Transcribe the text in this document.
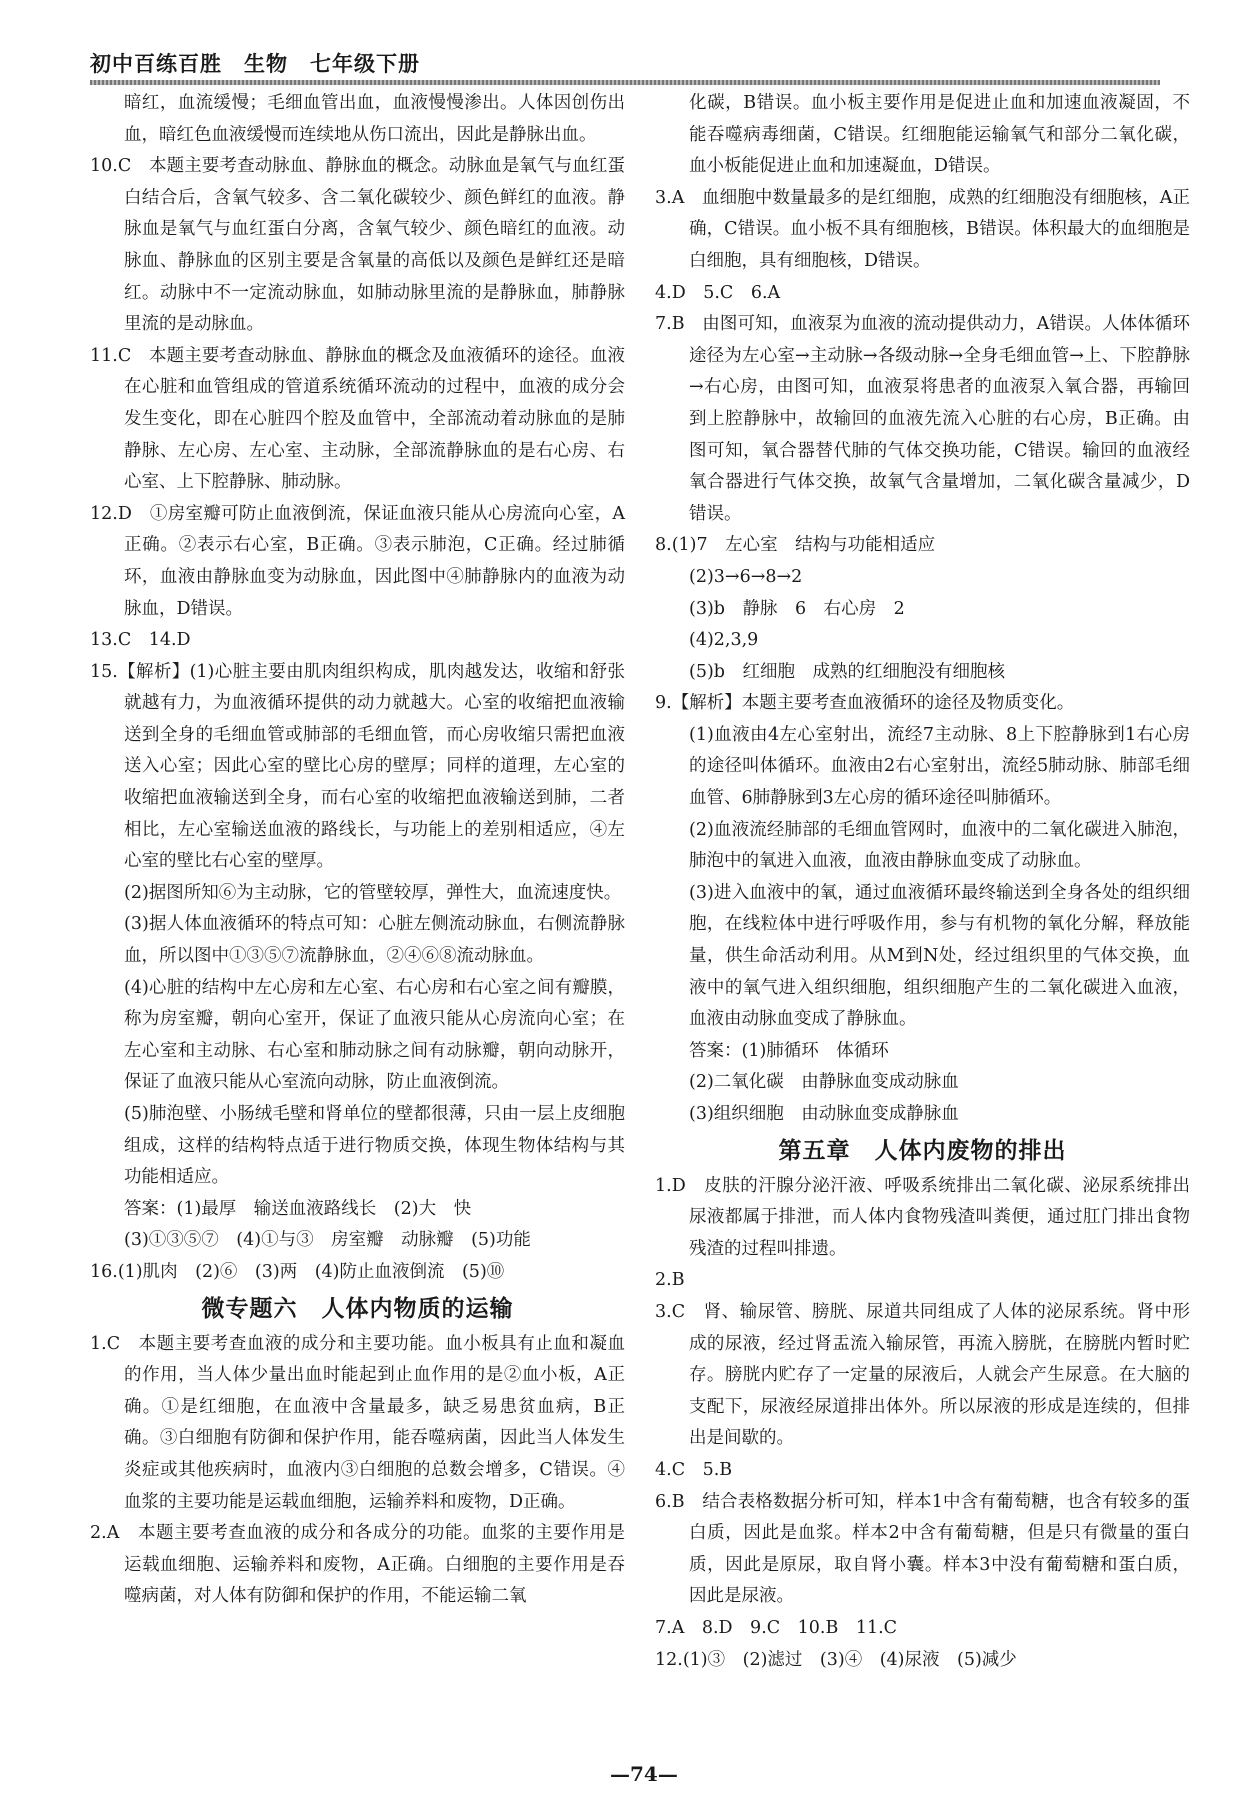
初中百练百胜 生物 七年级下册

暗红，血流缓慢；毛细血管出血，血液慢慢渗出。人体因创伤出血，暗红色血液缓慢而连续地从伤口流出，因此是静脉出血。

10.C　本题主要考查动脉血、静脉血的概念。动脉血是氧气与血红蛋白结合后，含氧气较多、含二氧化碳较少、颜色鲜红的血液。静脉血是氧气与血红蛋白分离，含氧气较少、颜色暗红的血液。动脉血、静脉血的区别主要是含氧量的高低以及颜色是鲜红还是暗红。动脉中不一定流动脉血，如肺动脉里流的是静脉血，肺静脉里流的是动脉血。

11.C　本题主要考查动脉血、静脉血的概念及血液循环的途径。血液在心脏和血管组成的管道系统循环流动的过程中，血液的成分会发生变化，即在心脏四个腔及血管中，全部流动着动脉血的是肺静脉、左心房、左心室、主动脉，全部流静脉血的是右心房、右心室、上下腔静脉、肺动脉。

12.D　①房室瓣可防止血液倒流，保证血液只能从心房流向心室，A正确。②表示右心室，B正确。③表示肺泡，C正确。经过肺循环，血液由静脉血变为动脉血，因此图中④肺静脉内的血液为动脉血，D错误。

13.C　14.D

15.【解析】(1)心脏主要由肌肉组织构成，肌肉越发达，收缩和舒张就越有力，为血液循环提供的动力就越大。心室的收缩把血液输送到全身的毛细血管或肺部的毛细血管，而心房收缩只需把血液送入心室；因此心室的壁比心房的壁厚；同样的道理，左心室的收缩把血液输送到全身，而右心室的收缩把血液输送到肺，二者相比，左心室输送血液的路线长，与功能上的差别相适应，④左心室的壁比右心室的壁厚。

(2)据图所知⑥为主动脉，它的管壁较厚，弹性大，血流速度快。

(3)据人体血液循环的特点可知：心脏左侧流动脉血，右侧流静脉血，所以图中①③⑤⑦流静脉血，②④⑥⑧流动脉血。

(4)心脏的结构中左心房和左心室、右心房和右心室之间有瓣膜，称为房室瓣，朝向心室开，保证了血液只能从心房流向心室；在左心室和主动脉、右心室和肺动脉之间有动脉瓣，朝向动脉开，保证了血液只能从心室流向动脉，防止血液倒流。

(5)肺泡壁、小肠绒毛壁和肾单位的壁都很薄，只由一层上皮细胞组成，这样的结构特点适于进行物质交换，体现生物体结构与其功能相适应。

答案：(1)最厚　输送血液路线长　(2)大　快

(3)①③⑤⑦　(4)①与③　房室瓣　动脉瓣　(5)功能

16.(1)肌肉　(2)⑥　(3)两　(4)防止血液倒流　(5)⑩

微专题六　人体内物质的运输

1.C　本题主要考查血液的成分和主要功能。血小板具有止血和凝血的作用，当人体少量出血时能起到止血作用的是②血小板，A正确。①是红细胞，在血液中含量最多，缺乏易患贫血病，B正确。③白细胞有防御和保护作用，能吞噬病菌，因此当人体发生炎症或其他疾病时，血液内③白细胞的总数会增多，C错误。④血浆的主要功能是运载血细胞，运输养料和废物，D正确。

2.A　本题主要考查血液的成分和各成分的功能。血浆的主要作用是运载血细胞、运输养料和废物，A正确。白细胞的主要作用是吞噬病菌，对人体有防御和保护的作用，不能运输二氧

化碳，B错误。血小板主要作用是促进止血和加速血液凝固，不能吞噬病毒细菌，C错误。红细胞能运输氧气和部分二氧化碳，血小板能促进止血和加速凝血，D错误。

3.A　血细胞中数量最多的是红细胞，成熟的红细胞没有细胞核，A正确，C错误。血小板不具有细胞核，B错误。体积最大的血细胞是白细胞，具有细胞核，D错误。

4.D　5.C　6.A

7.B　由图可知，血液泵为血液的流动提供动力，A错误。人体体循环途径为左心室→主动脉→各级动脉→全身毛细血管→上、下腔静脉→右心房，由图可知，血液泵将患者的血液泵入氧合器，再输回到上腔静脉中，故输回的血液先流入心脏的右心房，B正确。由图可知，氧合器替代肺的气体交换功能，C错误。输回的血液经氧合器进行气体交换，故氧气含量增加，二氧化碳含量减少，D错误。

8.(1)7　左心室　结构与功能相适应

(2)3→6→8→2

(3)b　静脉　6　右心房　2

(4)2,3,9

(5)b　红细胞　成熟的红细胞没有细胞核

9.【解析】本题主要考查血液循环的途径及物质变化。

(1)血液由4左心室射出，流经7主动脉、8上下腔静脉到1右心房的途径叫体循环。血液由2右心室射出，流经5肺动脉、肺部毛细血管、6肺静脉到3左心房的循环途径叫肺循环。

(2)血液流经肺部的毛细血管网时，血液中的二氧化碳进入肺泡，肺泡中的氧进入血液，血液由静脉血变成了动脉血。

(3)进入血液中的氧，通过血液循环最终输送到全身各处的组织细胞，在线粒体中进行呼吸作用，参与有机物的氧化分解，释放能量，供生命活动利用。从M到N处，经过组织里的气体交换，血液中的氧气进入组织细胞，组织细胞产生的二氧化碳进入血液，血液由动脉血变成了静脉血。

答案：(1)肺循环　体循环

(2)二氧化碳　由静脉血变成动脉血

(3)组织细胞　由动脉血变成静脉血

第五章　人体内废物的排出

1.D　皮肤的汗腺分泌汗液、呼吸系统排出二氧化碳、泌尿系统排出尿液都属于排泄，而人体内食物残渣叫粪便，通过肛门排出食物残渣的过程叫排遗。

2.B

3.C　肾、输尿管、膀胱、尿道共同组成了人体的泌尿系统。肾中形成的尿液，经过肾盂流入输尿管，再流入膀胱，在膀胱内暂时贮存。膀胱内贮存了一定量的尿液后，人就会产生尿意。在大脑的支配下，尿液经尿道排出体外。所以尿液的形成是连续的，但排出是间歇的。

4.C　5.B

6.B　结合表格数据分析可知，样本1中含有葡萄糖，也含有较多的蛋白质，因此是血浆。样本2中含有葡萄糖，但是只有微量的蛋白质，因此是原尿，取自肾小囊。样本3中没有葡萄糖和蛋白质，因此是尿液。

7.A　8.D　9.C　10.B　11.C

12.(1)③　(2)滤过　(3)④　(4)尿液　(5)减少

—74—
